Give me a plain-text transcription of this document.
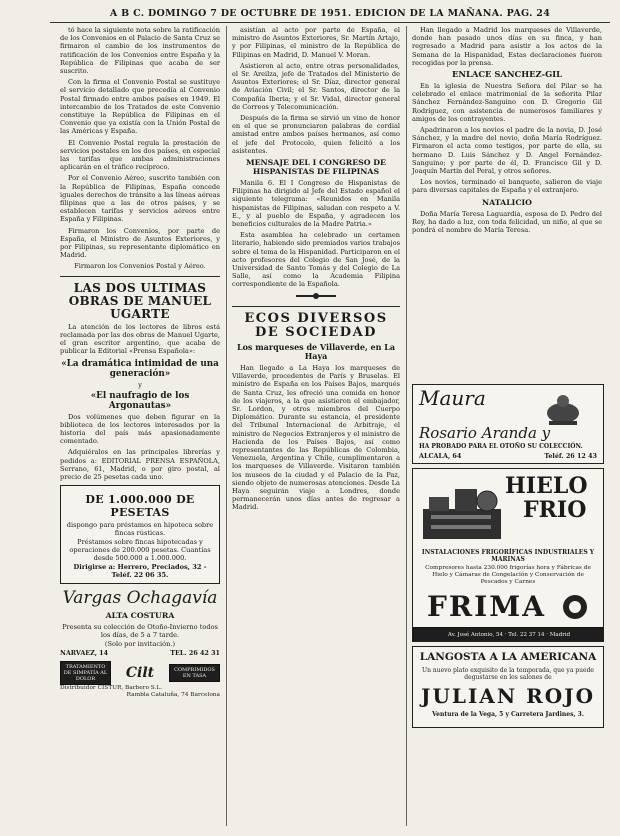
A B C. DOMINGO 7 DE OCTUBRE DE 1951. EDICION DE LA MAÑANA. PAG. 24

tó hace la siguiente nota sobre la ratificación de los Convenios en el Palacio de Santa Cruz se firmaron el cambio de los instrumentos de ratificación de los Convenios entre España y la República de Filipinas que acaba de ser suscrito.

Con la firma el Convenio Postal se sustituye el servicio detallado que precedía al Convenio Postal firmado entre ambos países en 1949. El intercambio de los Tratados de este Convenio constituye la República de Filipinas en el Convenio que ya existía con la Unión Postal de las Américas y España.

El Convenio Postal regula la prestación de servicios postales en los dos países, en especial las tarifas que ambas administraciones aplicarán en el tráfico recíproco.

Por el Convenio Aéreo, suscrito también con la República de Filipinas, España concede iguales derechos de tránsito a las líneas aéreas filipinas que a las de otros países, y se establecen tarifas y servicios aéreos entre España y Filipinas.

Firmaron los Convenios, por parte de España, el Ministro de Asuntos Exteriores, y por Filipinas, su representante diplomático en Madrid.

Firmaron los Convenios Postal y Aéreo.

LAS DOS ULTIMAS OBRAS DE MANUEL UGARTE

La atención de los lectores de libros está reclamada por las dos obras de Manuel Ugarte, el gran escritor argentino, que acaba de publicar la Editorial «Prensa Española»:

«La dramática intimidad de una generación»
y
«El naufragio de los Argonautas»

Dos volúmenes que deben figurar en la biblioteca de los lectores interesados por la historia del país más apasionadamente comentado.

Adquiéralos en las principales librerías y pedidos a: EDITORIAL PRENSA ESPAÑOLA, Serrano, 61, Madrid, o por giro postal, al precio de 25 pesetas cada uno.

DE 1.000.000 DE PESETAS
dispongo para préstamos en hipoteca sobre fincas rústicas.
Préstamos sobre fincas hipotecadas y operaciones de 200.000 pesetas. Cuantías desde 500.000 a 1.000.000.
Dirigirse a: Herrero, Preciados, 32 - Teléf. 22 06 35.
Vargas Ochagavía
ALTA COSTURA
Presenta su colección de Otoño-Invierno todos los días, de 5 a 7 tarde.
(Solo por invitación.)
NARVAEZ, 14	TEL. 26 42 31
TRATAMIENTO DE SIMPATÍA AL DOLOR	Cilt	COMPRIMIDOS EN TASA
Distribuidor CISTUR, Barbero S.L.
Rambla Cataluña, 74 Barcelona

asistían al acto por parte de España, el ministro de Asuntos Exteriores, Sr. Martín Artajo, y por Filipinas, el ministro de la República de Filipinas en Madrid, D. Manuel V. Moran.

Asistieron al acto, entre otras personalidades, el Sr. Areilza, jefe de Tratados del Ministerio de Asuntos Exteriores; el Sr. Díaz, director general de Aviación Civil; el Sr. Santos, director de la Compañía Iberia; y el Sr. Vidal, director general de Correos y Telecomunicación.

Después de la firma se sirvió un vino de honor en el que se pronunciaron palabras de cordial amistad entre ambos países hermanos, así como el jefe del Protocolo, quien felicitó a los asistentes.

MENSAJE DEL I CONGRESO DE HISPANISTAS DE FILIPINAS

Manila 6. El I Congreso de Hispanistas de Filipinas ha dirigido al Jefe del Estado español el siguiente telegrama: «Reunidos en Manila hispanistas de Filipinas, saludan con respeto a V. E., y al pueblo de España, y agradecen los beneficios culturales de la Madre Patria.»

Esta asamblea ha celebrado un certamen literario, habiendo sido premiados varios trabajos sobre el tema de la Hispanidad. Participaron en el acto profesores del Colegio de San José, de la Universidad de Santo Tomás y del Colegio de La Salle, así como la Academia Filipina correspondiente de la Española.

ECOS DIVERSOS DE SOCIEDAD
Los marqueses de Villaverde, en La Haya

Han llegado a La Haya los marqueses de Villaverde, procedentes de París y Bruselas. El ministro de España en los Países Bajos, marqués de Santa Cruz, les ofreció una comida en honor de los viajeros, a la que asistieron el embajador, Sr. Lordon, y otros miembros del Cuerpo Diplomático. Durante su estancia, el presidente del Tribunal Internacional de Arbitraje, el ministro de Negocios Extranjeros y el ministro de Hacienda de los Países Bajos, así como representantes de las Repúblicas de Colombia, Venezuela, Argentina y Chile, cumplimentaron a los marqueses de Villaverde. Visitaron también los museos de la ciudad y el Palacio de la Paz, siendo objeto de numerosas atenciones. Desde La Haya seguirán viaje a Londres, donde permanecerán unos días antes de regresar a Madrid.

Han llegado a Madrid los marqueses de Villaverde, donde han pasado unos días en su finca, y han regresado a Madrid para asistir a los actos de la Semana de la Hispanidad, Estas declaraciones fueron recogidas por la prensa.

ENLACE SANCHEZ-GIL

En la iglesia de Nuestra Señora del Pilar se ha celebrado el enlace matrimonial de la señorita Pilar Sánchez Fernández-Sanguino con D. Gregorio Gil Rodríguez, con asistencia de numerosos familiares y amigos de los contrayentes.

Apadrinaron a los novios el padre de la novia, D. José Sánchez, y la madre del novio, doña María Rodríguez. Firmaron el acta como testigos, por parte de ella, su hermano D. Luis Sánchez y D. Angel Fernández-Sanguino; y por parte de él, D. Francisco Gil y D. Joaquín Martín del Peral, y otros señores.

Los novios, terminado el banquete, salieron de viaje para diversas capitales de España y el extranjero.

NATALICIO

Doña María Teresa Laguardia, esposa de D. Pedro del Rey, ha dado a luz, con toda felicidad, un niño, al que se pondrá el nombre de María Teresa.

Maura
Rosario Aranda y
HA PROBADO PARA EL OTOÑO SU COLECCIÓN.
ALCALA, 64	Teléf. 26 12 43
HIELO
FRIO
INSTALACIONES FRIGORÍFICAS INDUSTRIALES Y MARINAS
Compresores hasta 230.000 frigorías hora y Fábricas de Hielo y Cámaras de Congelación y Conservación de Pescados y Carnes
FRIMA
Av. José Antonio, 54 · Tel. 22 37 14 · Madrid
LANGOSTA A LA AMERICANA
Un nuevo plato exquisito de la temporada, que ya puede degustarse en los salones de
JULIAN ROJO
Ventura de la Vega, 5 y Carretera Jardines, 3.
